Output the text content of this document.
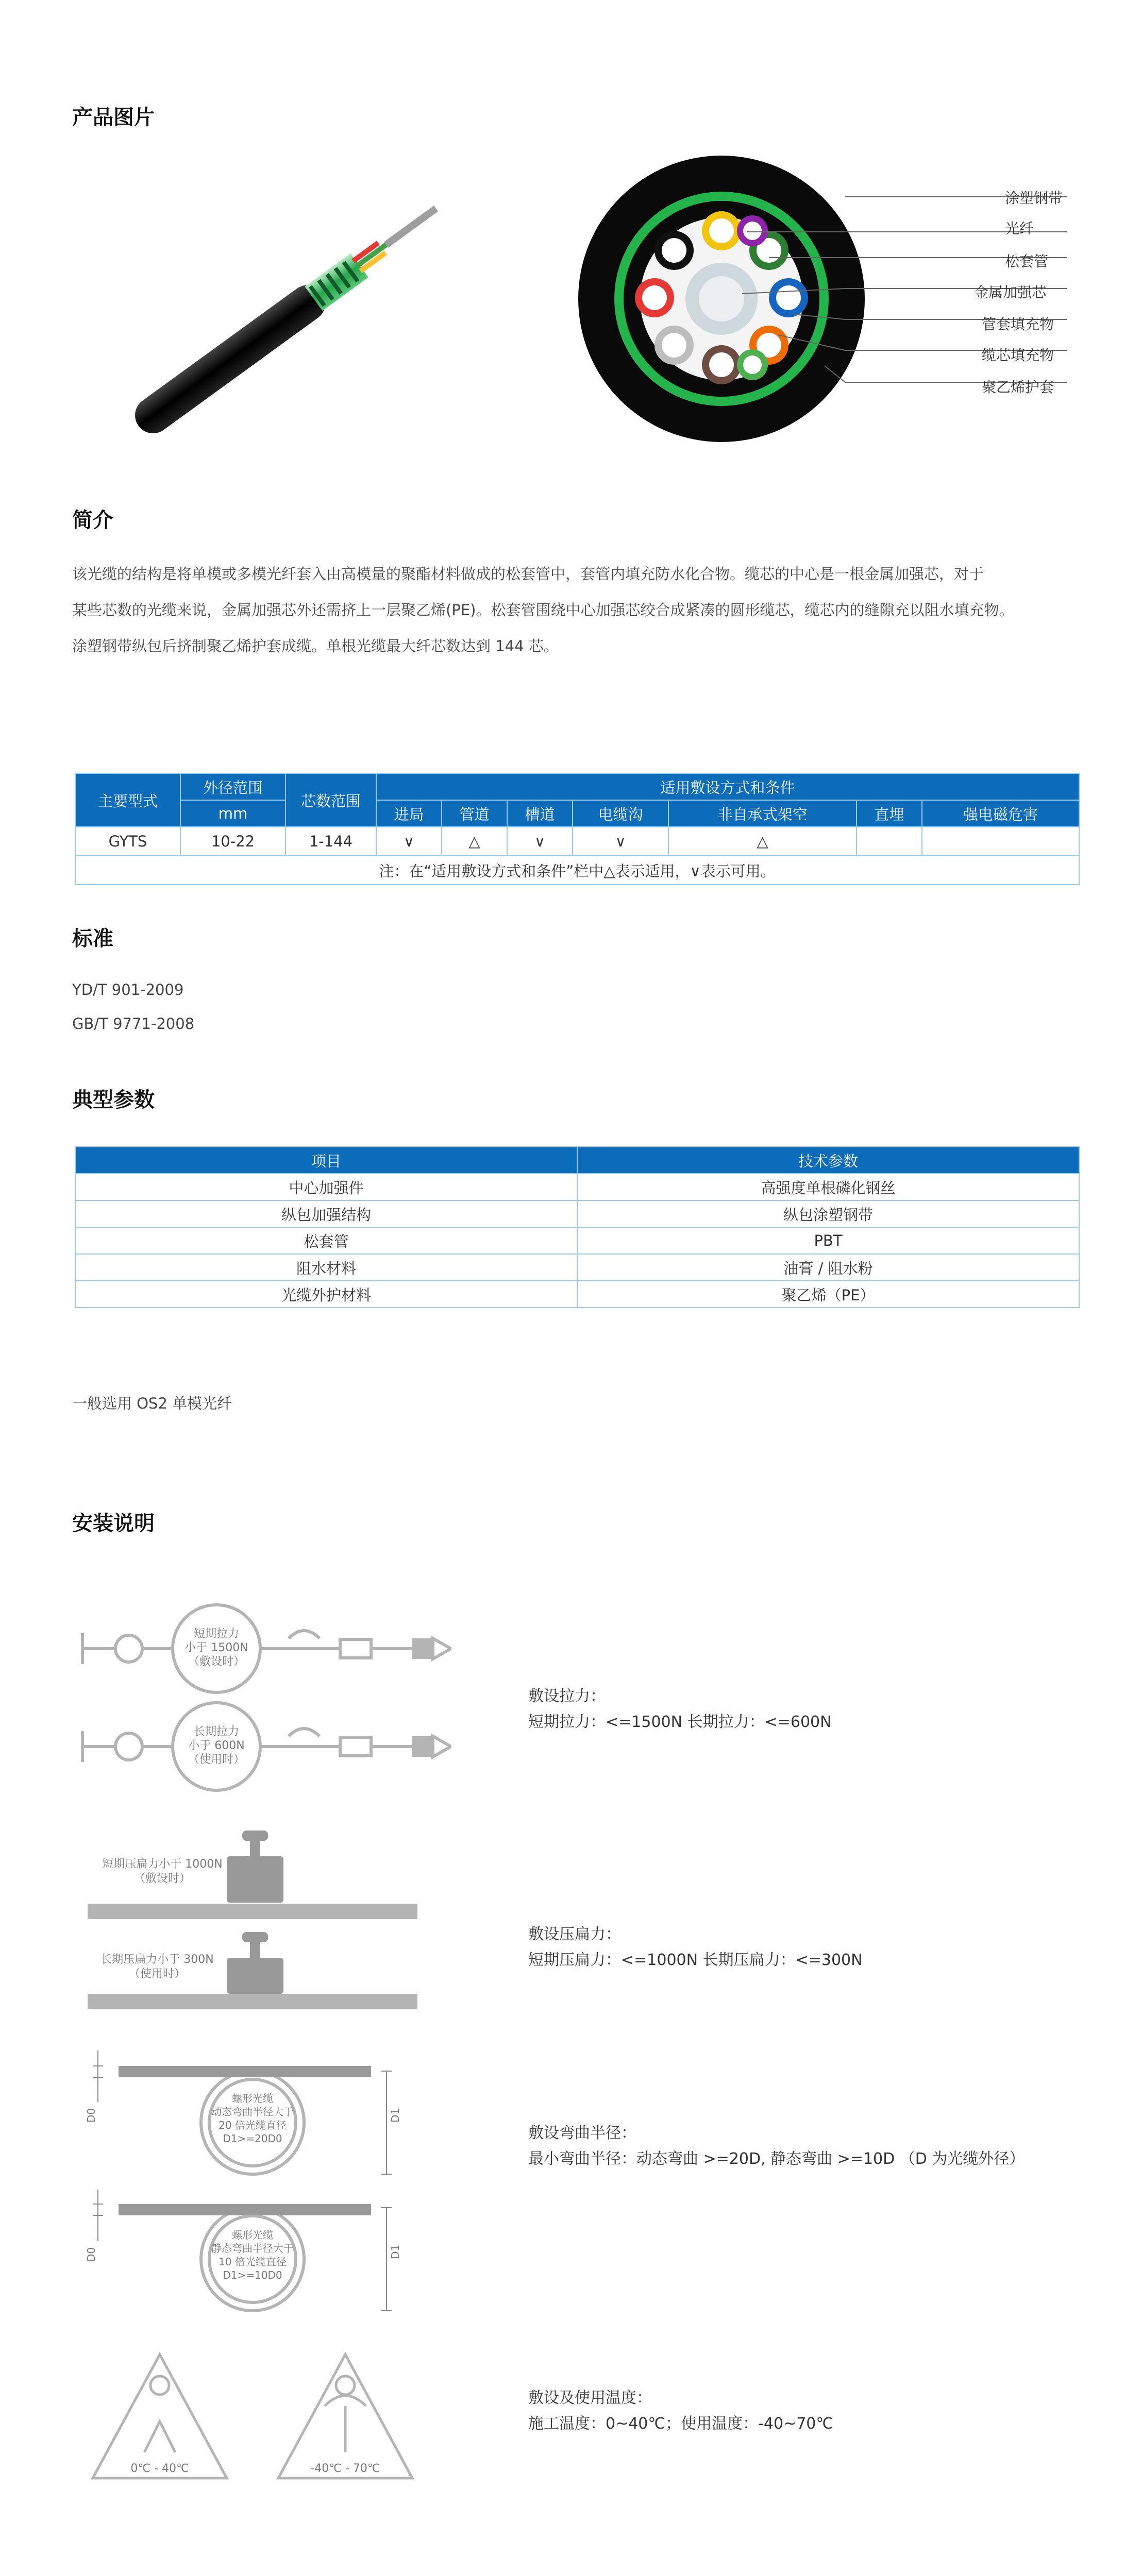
产品图片
涂塑钢带
光纤
松套管
金属加强芯
管套填充物
缆芯填充物
聚乙烯护套
简介
该光缆的结构是将单模或多模光纤套入由高模量的聚酯材料做成的松套管中，套管内填充防水化合物。缆芯的中心是一根金属加强芯，对于
某些芯数的光缆来说，金属加强芯外还需挤上一层聚乙烯(PE)。松套管围绕中心加强芯绞合成紧凑的圆形缆芯，缆芯内的缝隙充以阻水填充物。
涂塑钢带纵包后挤制聚乙烯护套成缆。单根光缆最大纤芯数达到 144 芯。
主要型式	外径范围	芯数范围	适用敷设方式和条件						
	mm		进局	管道	槽道	电缆沟	非自承式架空	直埋	强电磁危害
GYTS	10-22	1-144	∨	△	∨	∨	△		
注：在“适用敷设方式和条件”栏中△表示适用，∨表示可用。									
标准
YD/T 901-2009
GB/T 9771-2008
典型参数
项目	技术参数
中心加强件	高强度单根磷化钢丝
纵包加强结构	纵包涂塑钢带
松套管	PBT
阻水材料	油膏 / 阻水粉
光缆外护材料	聚乙烯（PE）
一般选用 OS2 单模光纤
安装说明
短期拉力
小于 1500N
（敷设时）
长期拉力
小于 600N
（使用时）
敷设拉力：
短期拉力：<=1500N 长期拉力：<=600N
短期压扁力小于 1000N
（敷设时）
长期压扁力小于 300N
（使用时）
敷设压扁力：
短期压扁力：<=1000N 长期压扁力：<=300N
D0
D0
D1
D1
螺形光缆
动态弯曲半径大于
20 倍光缆直径
D1>=20D0
螺形光缆
静态弯曲半径大于
10 倍光缆直径
D1>=10D0
敷设弯曲半径：
最小弯曲半径：动态弯曲 >=20D, 静态弯曲 >=10D （D 为光缆外径）
0℃ - 40℃	-40℃ - 70℃
敷设及使用温度：
施工温度：0~40℃；使用温度：-40~70℃
